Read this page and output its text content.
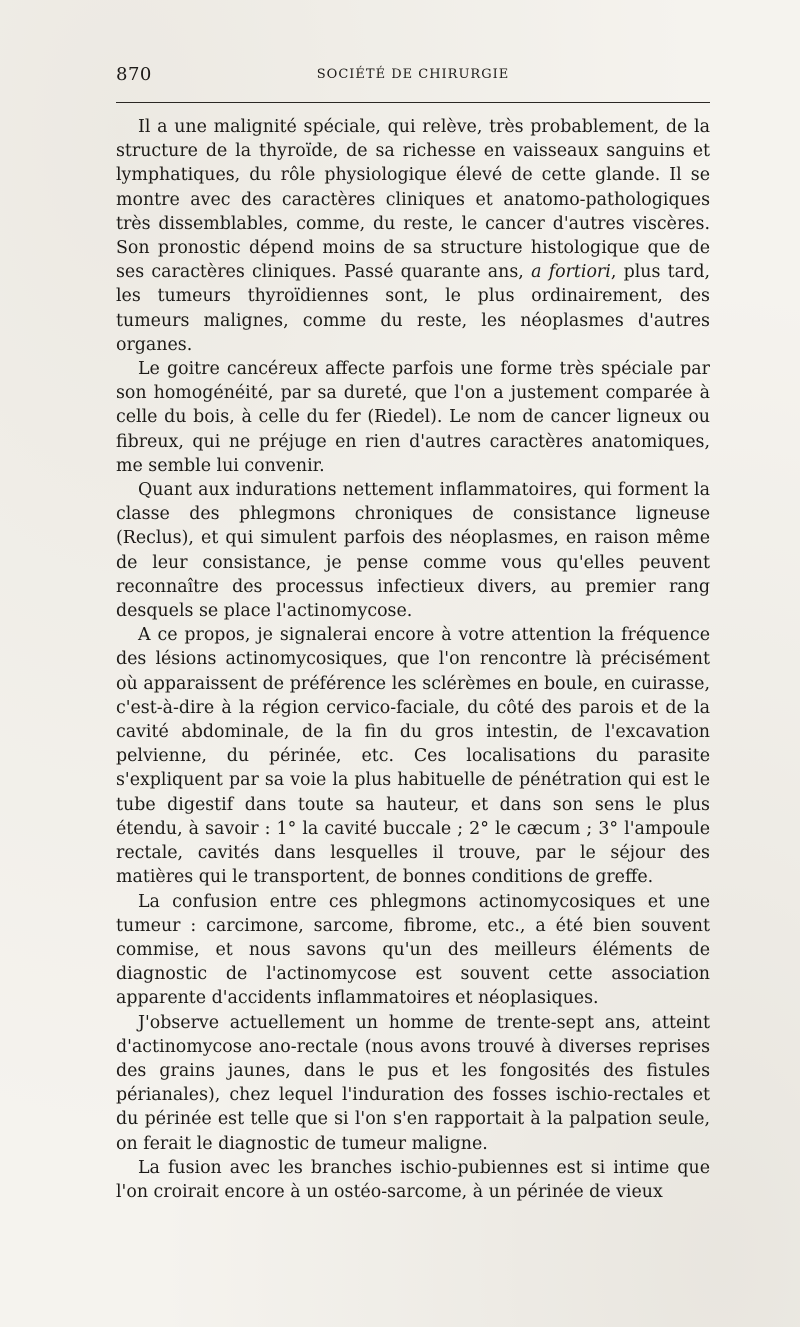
870	SOCIÉTÉ DE CHIRURGIE

Il a une malignité spéciale, qui relève, très probablement, de la structure de la thyroïde, de sa richesse en vaisseaux sanguins et lymphatiques, du rôle physiologique élevé de cette glande. Il se montre avec des caractères cliniques et anatomo-pathologiques très dissemblables, comme, du reste, le cancer d'autres viscères. Son pronostic dépend moins de sa structure histologique que de ses caractères cliniques. Passé quarante ans, a fortiori, plus tard, les tumeurs thyroïdiennes sont, le plus ordinairement, des tumeurs malignes, comme du reste, les néoplasmes d'autres organes.

Le goitre cancéreux affecte parfois une forme très spéciale par son homogénéité, par sa dureté, que l'on a justement comparée à celle du bois, à celle du fer (Riedel). Le nom de cancer ligneux ou fibreux, qui ne préjuge en rien d'autres caractères anatomiques, me semble lui convenir.

Quant aux indurations nettement inflammatoires, qui forment la classe des phlegmons chroniques de consistance ligneuse (Reclus), et qui simulent parfois des néoplasmes, en raison même de leur consistance, je pense comme vous qu'elles peuvent reconnaître des processus infectieux divers, au premier rang desquels se place l'actinomycose.

A ce propos, je signalerai encore à votre attention la fréquence des lésions actinomycosiques, que l'on rencontre là précisément où apparaissent de préférence les sclérèmes en boule, en cuirasse, c'est-à-dire à la région cervico-faciale, du côté des parois et de la cavité abdominale, de la fin du gros intestin, de l'excavation pelvienne, du périnée, etc. Ces localisations du parasite s'expliquent par sa voie la plus habituelle de pénétration qui est le tube digestif dans toute sa hauteur, et dans son sens le plus étendu, à savoir : 1° la cavité buccale ; 2° le cæcum ; 3° l'ampoule rectale, cavités dans lesquelles il trouve, par le séjour des matières qui le transportent, de bonnes conditions de greffe.

La confusion entre ces phlegmons actinomycosiques et une tumeur : carcimone, sarcome, fibrome, etc., a été bien souvent commise, et nous savons qu'un des meilleurs éléments de diagnostic de l'actinomycose est souvent cette association apparente d'accidents inflammatoires et néoplasiques.

J'observe actuellement un homme de trente-sept ans, atteint d'actinomycose ano-rectale (nous avons trouvé à diverses reprises des grains jaunes, dans le pus et les fongosités des fistules périanales), chez lequel l'induration des fosses ischio-rectales et du périnée est telle que si l'on s'en rapportait à la palpation seule, on ferait le diagnostic de tumeur maligne.

La fusion avec les branches ischio-pubiennes est si intime que l'on croirait encore à un ostéo-sarcome, à un périnée de vieux
